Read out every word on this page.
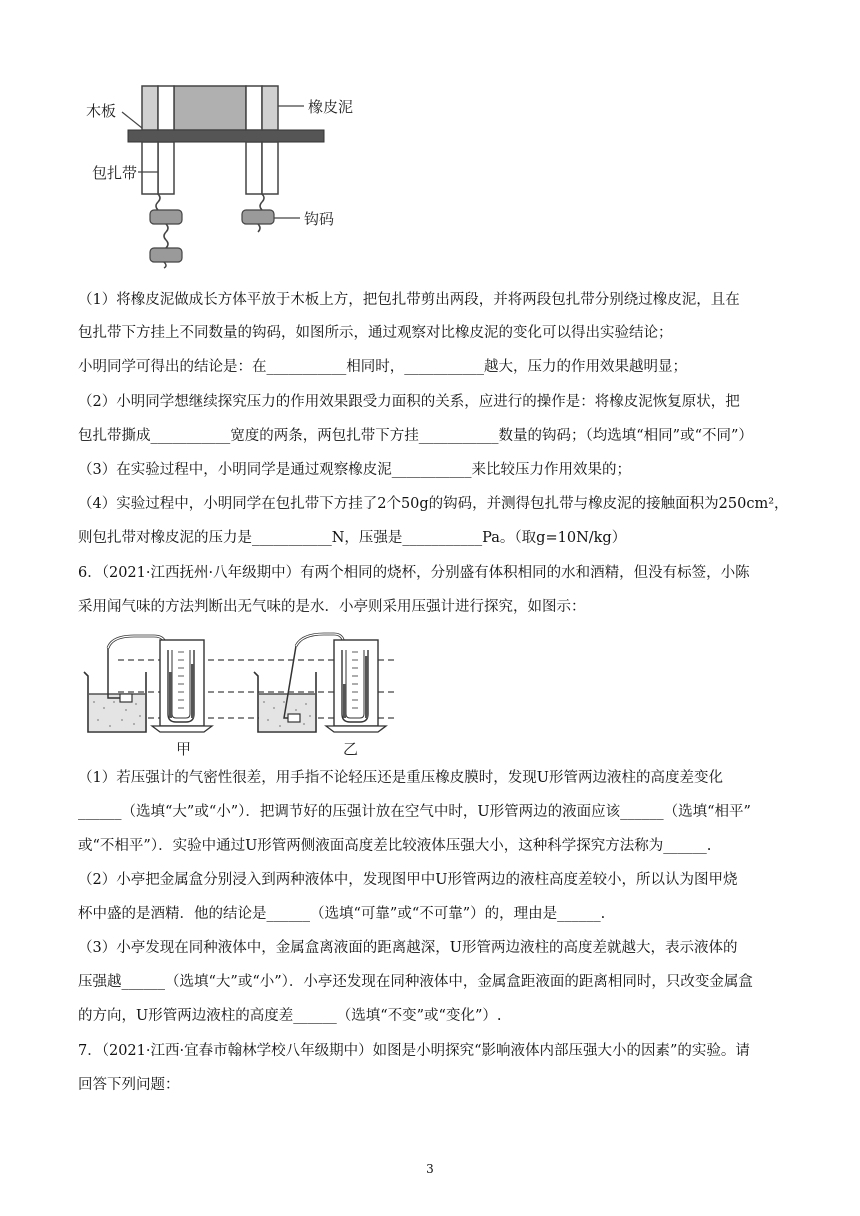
木板	橡皮泥
包扎带
钩码
（1）将橡皮泥做成长方体平放于木板上方，把包扎带剪出两段，并将两段包扎带分别绕过橡皮泥，且在
包扎带下方挂上不同数量的钩码，如图所示，通过观察对比橡皮泥的变化可以得出实验结论；
小明同学可得出的结论是：在___________相同时，___________越大，压力的作用效果越明显；
（2）小明同学想继续探究压力的作用效果跟受力面积的关系，应进行的操作是：将橡皮泥恢复原状，把
包扎带撕成___________宽度的两条，两包扎带下方挂___________数量的钩码；（均选填“相同”或“不同”）
（3）在实验过程中，小明同学是通过观察橡皮泥___________来比较压力作用效果的；
（4）实验过程中，小明同学在包扎带下方挂了2个50g的钩码，并测得包扎带与橡皮泥的接触面积为250cm²，
则包扎带对橡皮泥的压力是___________N，压强是___________Pa。（取g=10N/kg）
6．（2021·江西抚州·八年级期中）有两个相同的烧杯，分别盛有体积相同的水和酒精，但没有标签，小陈
采用闻气味的方法判断出无气味的是水．小亭则采用压强计进行探究，如图示：
甲	乙
（1）若压强计的气密性很差，用手指不论轻压还是重压橡皮膜时，发现U形管两边液柱的高度差变化
______（选填“大”或“小”）．把调节好的压强计放在空气中时，U形管两边的液面应该______（选填“相平”
或“不相平”）．实验中通过U形管两侧液面高度差比较液体压强大小，这种科学探究方法称为______.
（2）小亭把金属盒分别浸入到两种液体中，发现图甲中U形管两边的液柱高度差较小，所以认为图甲烧
杯中盛的是酒精．他的结论是______（选填“可靠”或“不可靠”）的，理由是______.
（3）小亭发现在同种液体中，金属盒离液面的距离越深，U形管两边液柱的高度差就越大，表示液体的
压强越______（选填“大”或“小”）．小亭还发现在同种液体中，金属盒距液面的距离相同时，只改变金属盒
的方向，U形管两边液柱的高度差______（选填“不变”或“变化”）.
7．（2021·江西·宜春市翰林学校八年级期中）如图是小明探究“影响液体内部压强大小的因素”的实验。请
回答下列问题：
3
